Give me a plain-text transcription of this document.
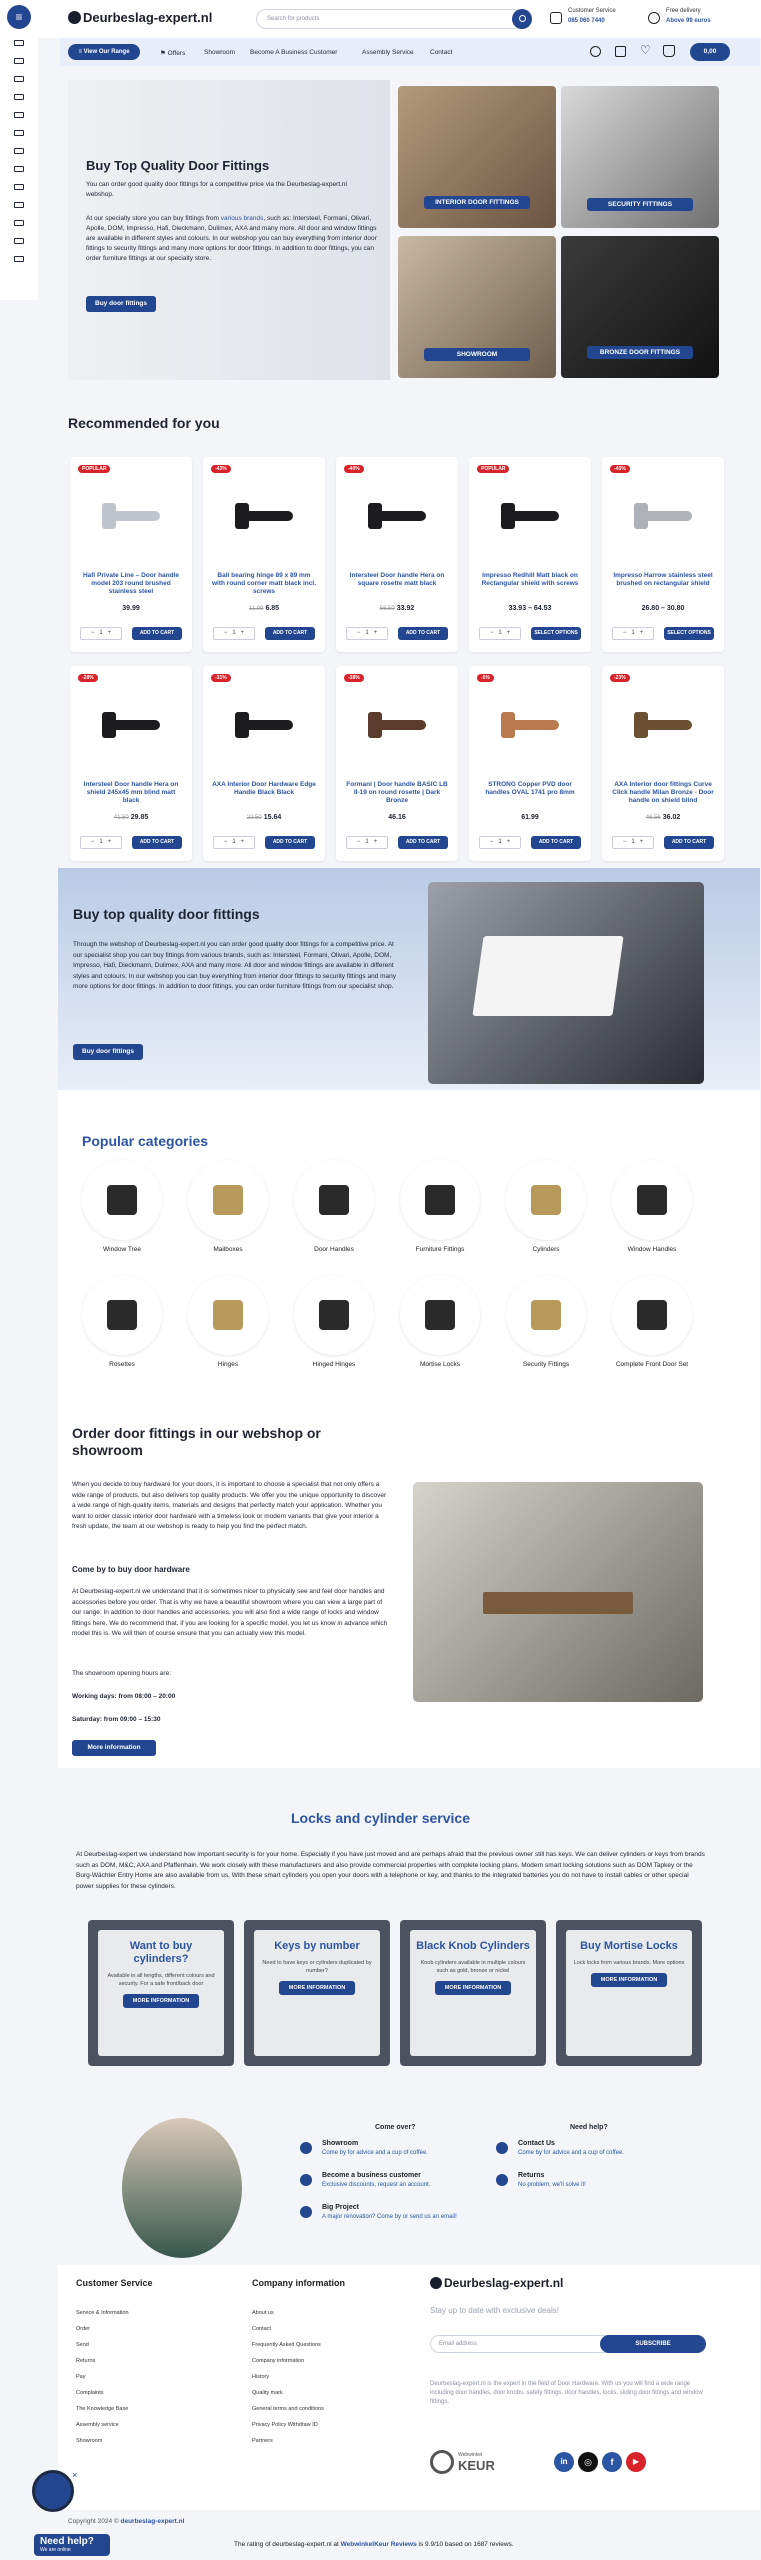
≡	Deurbeslag-expert.nl	Search for products
Customer Service
085 060 7440
Free delivery
Above 99 euros
≡ View Our Range	⚑ Offers	Showroom Become A Business Customer	Assembly Service	Contact	♡	0,00
Buy Top Quality Door Fittings
You can order good quality door fittings for a competitive price via the Deurbeslag-expert.nl webshop.
At our specialty store you can buy fittings from various brands, such as: Intersteel, Formani, Olivari, Apolle, DOM, Impresso, Hafi, Dieckmann, Dulimex, AXA and many more. All door and window fittings are available in different styles and colours. In our webshop you can buy everything from interior door fittings to security fittings and many more options for door fittings. In addition to door fittings, you can order furniture fittings at our specialty store.
Buy door fittings
INTERIOR DOOR FITTINGS	SECURITY FITTINGS
SHOWROOM	BRONZE DOOR FITTINGS
Recommended for you
POPULAR
Hafi Private Line – Door handle model 203 round brushed stainless steel
39.99
−   1   +	ADD TO CART
-43%
Ball bearing hinge 89 x 89 mm with round corner matt black incl. screws
11.99 6.85
−   1   +	ADD TO CART
-40%
Intersteel Door handle Hera on square rosette matt black
56.50 33.92
−   1   +	ADD TO CART
POPULAR
Impresso Redhill Matt black on Rectangular shield with screws
33.93 – 64.53
−   1   +	SELECT OPTIONS
-45%
Impresso Harrow stainless steel brushed on rectangular shield
26.80 – 30.80
−   1   +	SELECT OPTIONS
-28%
Intersteel Door handle Hera on shield 245x45 mm blind matt black
41.50 29.85
−   1   +	ADD TO CART
-31%
AXA Interior Door Hardware Edge Handle Black Black
22.50 15.64
−   1   +	ADD TO CART
-38%
Formani | Door handle BASIC LB II-19 on round rosette | Dark Bronze
46.16
−   1   +	ADD TO CART
-5%
STRONG Copper PVD door handles OVAL 1741 pro 8mm
61.99
−   1   +	ADD TO CART
-23%
AXA Interior door fittings Curve Click handle Milan Bronze - Door handle on shield blind
46.56 36.02
−   1   +	ADD TO CART
Buy top quality door fittings
Through the webshop of Deurbeslag-expert.nl you can order good quality door fittings for a competitive price. At our specialist shop you can buy fittings from various brands, such as: Intersteel, Formani, Olivari, Apolle, DOM, Impresso, Hafi, Dieckmann, Dulimex, AXA and many more. All door and window fittings are available in different styles and colours. In our webshop you can buy everything from interior door fittings to security fittings and many more options for door fittings. In addition to door fittings, you can order furniture fittings from our specialist shop.
Buy door fittings
Popular categories
Window Tree	Mailboxes	Door Handles	Furniture Fittings	Cylinders	Window Handles
Rosettes	Hinges	Hinged Hinges	Mortise Locks	Security Fittings	Complete Front Door Set
Order door fittings in our webshop or showroom
When you decide to buy hardware for your doors, it is important to choose a specialist that not only offers a wide range of products, but also delivers top quality products. We offer you the unique opportunity to discover a wide range of high-quality items, materials and designs that perfectly match your application. Whether you want to order classic interior door hardware with a timeless look or modern variants that give your interior a fresh update, the team at our webshop is ready to help you find the perfect match.
Come by to buy door hardware
At Deurbeslag-expert.nl we understand that it is sometimes nicer to physically see and feel door handles and accessories before you order. That is why we have a beautiful showroom where you can view a large part of our range. In addition to door handles and accessories, you will also find a wide range of locks and window fittings here. We do recommend that, if you are looking for a specific model, you let us know in advance which model this is. We will then of course ensure that you can actually view this model.
The showroom opening hours are:
Working days: from 08:00 – 20:00
Saturday: from 09:00 – 15:30
More information
Locks and cylinder service
At Deurbeslag-expert we understand how important security is for your home. Especially if you have just moved and are perhaps afraid that the previous owner still has keys. We can deliver cylinders or keys from brands such as DOM, M&C, AXA and Pfaffenhain. We work closely with these manufacturers and also provide commercial properties with complete locking plans. Modern smart locking solutions such as DOM Tapkey or the Burg-Wächter Entry Home are also available from us. With these smart cylinders you open your doors with a telephone or key, and thanks to the integrated batteries you do not have to install cables or other special power supplies for these cylinders.
Want to buy cylinders?

Available in all lengths, different colours and security. For a safe front/back door

MORE INFORMATION
Keys by number

Need to have keys or cylinders duplicated by number?

MORE INFORMATION
Black Knob Cylinders

Knob cylinders available in multiple colours such as gold, bronze or nickel

MORE INFORMATION
Buy Mortise Locks

Lock locks from various brands. More options

MORE INFORMATION
Come over?	Need help?
Showroom
Come by for advice and a cup of coffee.
Become a business customer
Exclusive discounts, request an account.
Big Project
A major renovation? Come by or send us an email!
Contact Us
Come by for advice and a cup of coffee.
Returns
No problem, we'll solve it!
Customer Service
Service & Information
Order
Send
Returns
Pay
Complaints
The Knowledge Base
Assembly service
Showroom
Company information
About us
Contact
Frequently Asked Questions
Company information
History
Quality mark
General terms and conditions
Privacy Policy Withdraw ID
Partners
Deurbeslag-expert.nl
Stay up to date with exclusive deals!
Email address	SUBSCRIBE
Deurbeslag-expert.nl is the expert in the field of Door Hardware. With us you will find a wide range including door handles, door knobs, safety fittings, door handles, locks, sliding door fittings and window fittings.
Webwinkel
KEUR	in	◎	f	▶
Copyright 2024 © deurbeslag-expert.nl
×
Need help?
We are online
The rating of deurbeslag-expert.nl at WebwinkelKeur Reviews is 9.9/10 based on 1687 reviews.
